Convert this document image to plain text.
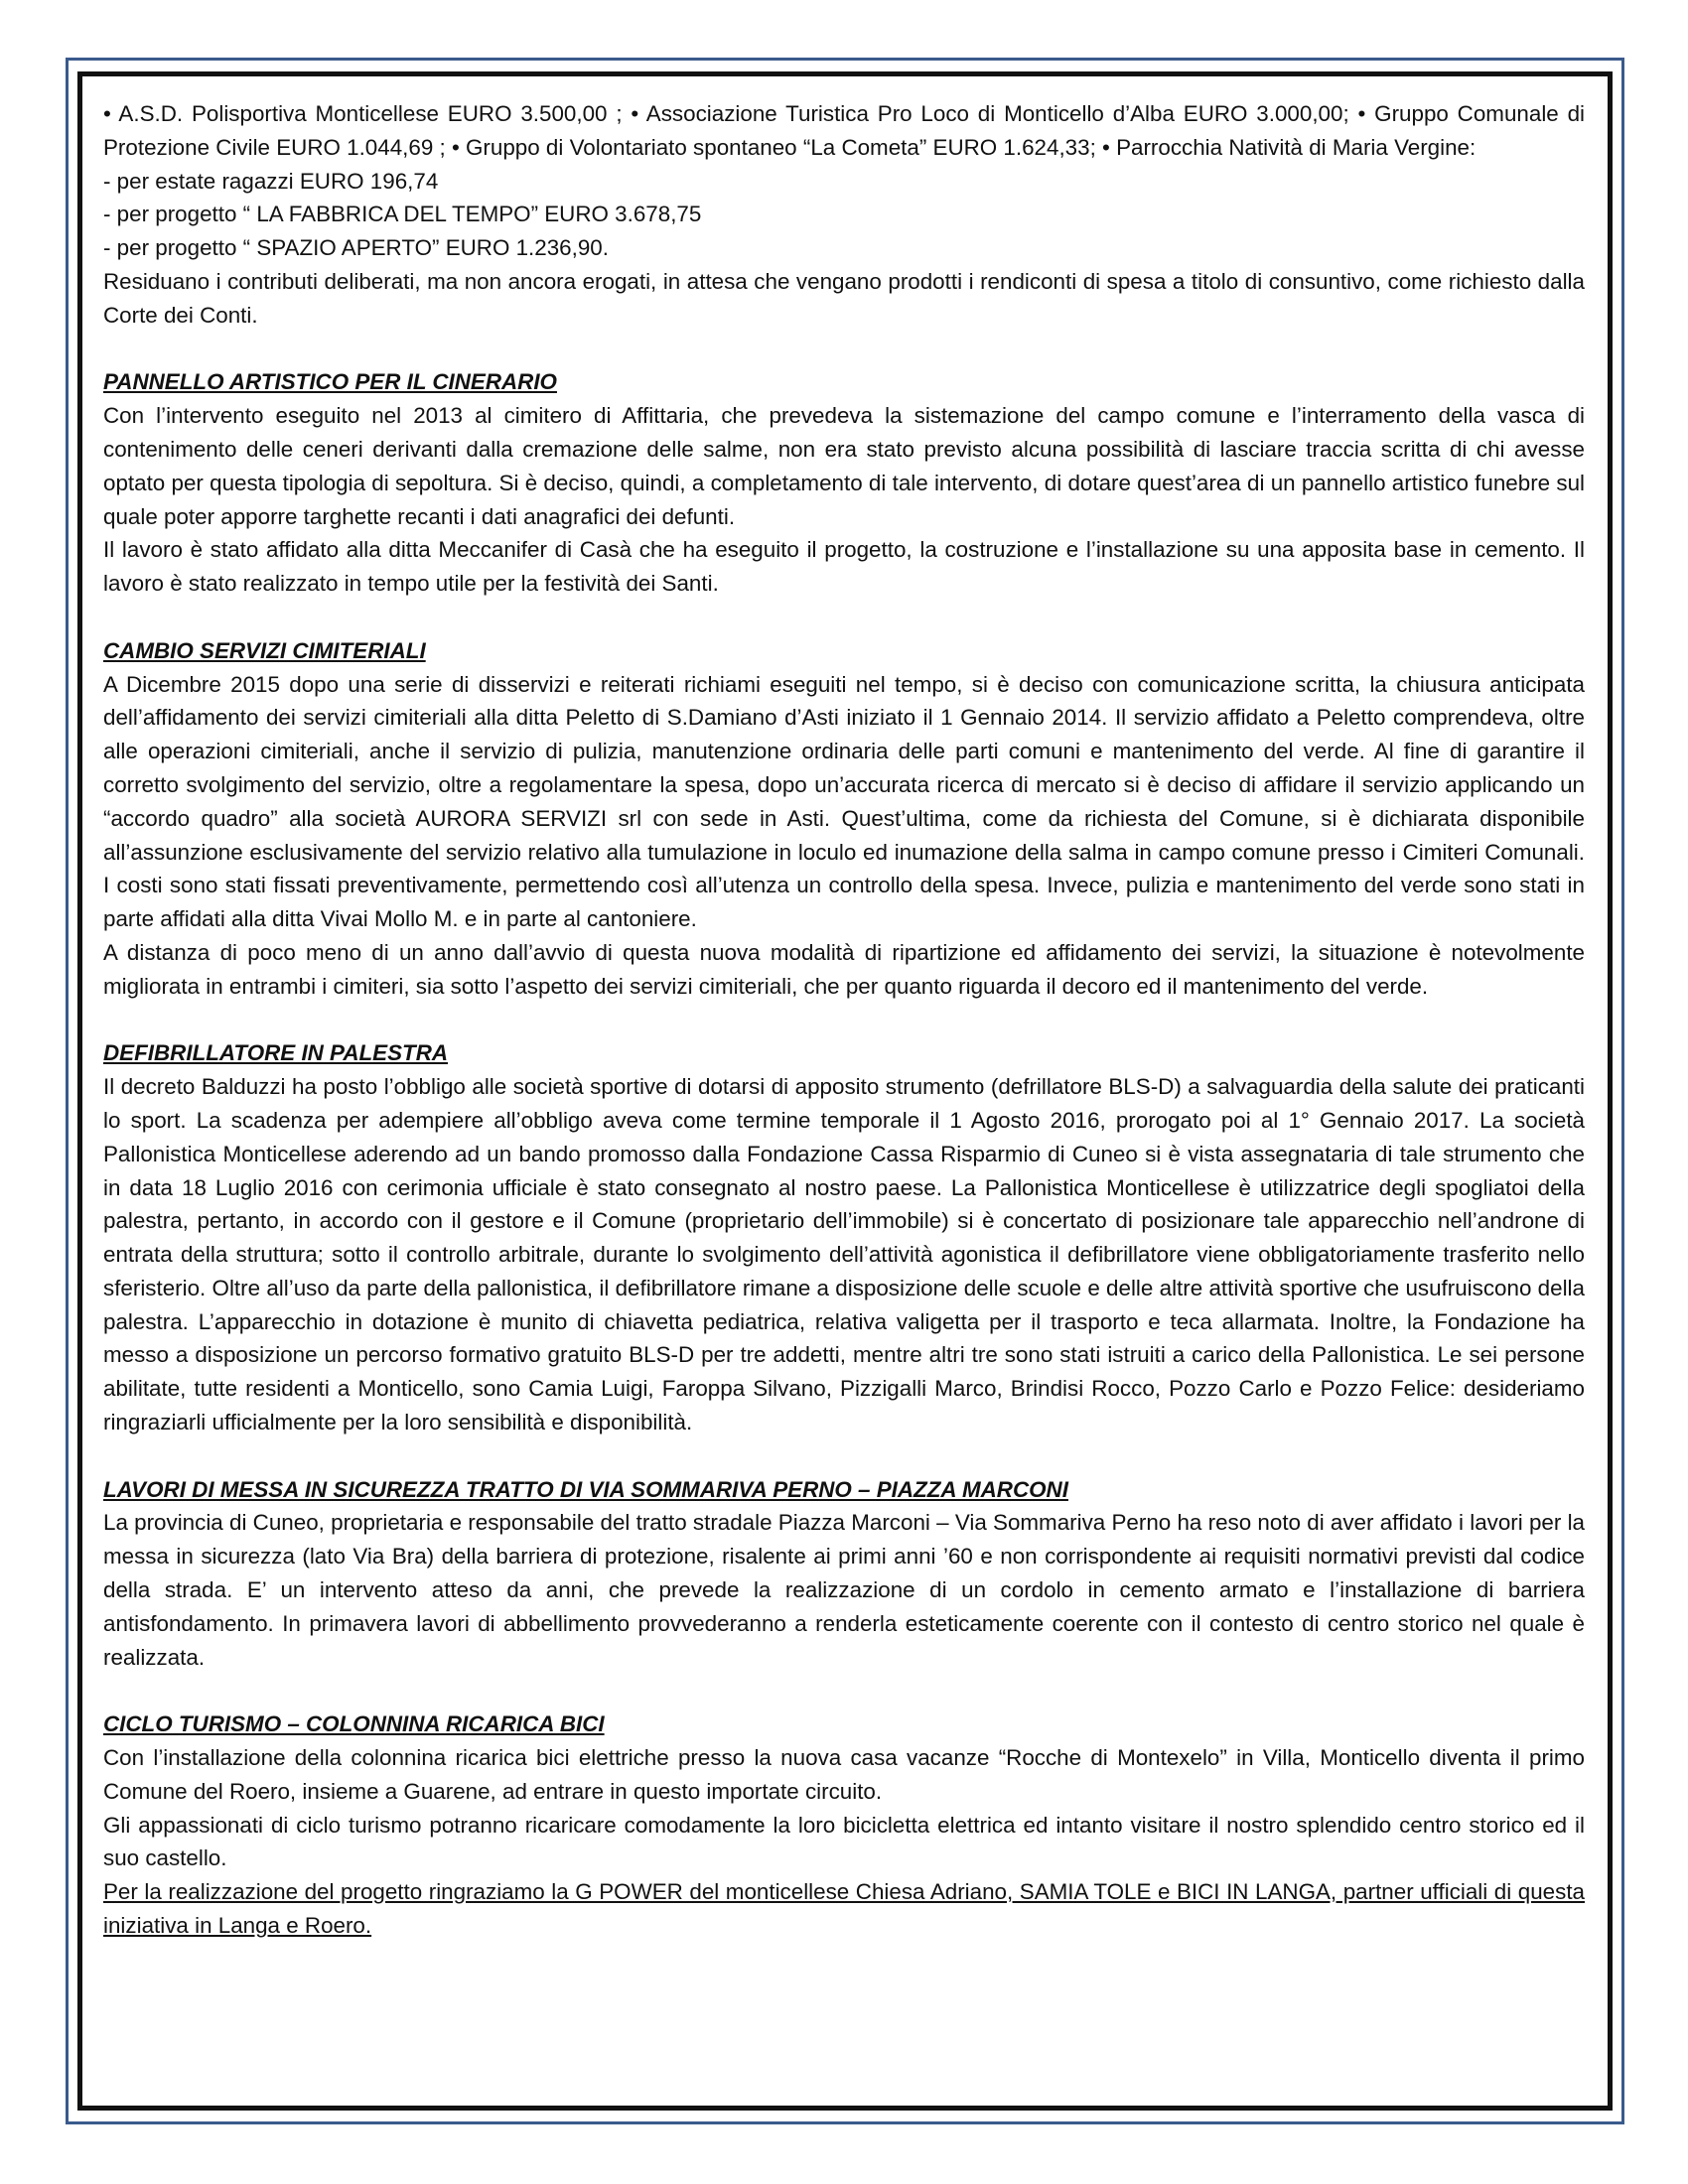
• A.S.D. Polisportiva Monticellese EURO 3.500,00 ; • Associazione Turistica Pro Loco di Monticello d’Alba EURO 3.000,00; • Gruppo Comunale di Protezione Civile EURO 1.044,69 ; • Gruppo di Volontariato spontaneo “La Cometa” EURO 1.624,33; • Parrocchia Natività di Maria Vergine:

- per estate ragazzi EURO 196,74

- per progetto “ LA FABBRICA DEL TEMPO” EURO 3.678,75

- per progetto “ SPAZIO APERTO” EURO 1.236,90.

Residuano i contributi deliberati, ma non ancora erogati, in attesa che vengano prodotti i rendiconti di spesa a titolo di consuntivo, come richiesto dalla Corte dei Conti.

PANNELLO ARTISTICO PER IL CINERARIO

Con l’intervento eseguito nel 2013 al cimitero di Affittaria, che prevedeva la sistemazione del campo comune e l’interramento della vasca di contenimento delle ceneri derivanti dalla cremazione delle salme, non era stato previsto alcuna possibilità di lasciare traccia scritta di chi avesse optato per questa tipologia di sepoltura. Si è deciso, quindi, a completamento di tale intervento, di dotare quest’area di un pannello artistico funebre sul quale poter apporre targhette recanti i dati anagrafici dei defunti.

Il lavoro è stato affidato alla ditta Meccanifer di Casà che ha eseguito il progetto, la costruzione e l’installazione su una apposita base in cemento. Il lavoro è stato realizzato in tempo utile per la festività dei Santi.

CAMBIO SERVIZI CIMITERIALI

A Dicembre 2015 dopo una serie di disservizi e reiterati richiami eseguiti nel tempo, si è deciso con comunicazione scritta, la chiusura anticipata dell’affidamento dei servizi cimiteriali alla ditta Peletto di S.Damiano d’Asti iniziato il 1 Gennaio 2014. Il servizio affidato a Peletto comprendeva, oltre alle operazioni cimiteriali, anche il servizio di pulizia, manutenzione ordinaria delle parti comuni e mantenimento del verde. Al fine di garantire il corretto svolgimento del servizio, oltre a regolamentare la spesa, dopo un’accurata ricerca di mercato si è deciso di affidare il servizio applicando un “accordo quadro” alla società AURORA SERVIZI srl con sede in Asti. Quest’ultima, come da richiesta del Comune, si è dichiarata disponibile all’assunzione esclusivamente del servizio relativo alla tumulazione in loculo ed inumazione della salma in campo comune presso i Cimiteri Comunali. I costi sono stati fissati preventivamente, permettendo così all’utenza un controllo della spesa. Invece, pulizia e mantenimento del verde sono stati in parte affidati alla ditta Vivai Mollo M. e in parte al cantoniere.

A distanza di poco meno di un anno dall’avvio di questa nuova modalità di ripartizione ed affidamento dei servizi, la situazione è notevolmente migliorata in entrambi i cimiteri, sia sotto l’aspetto dei servizi cimiteriali, che per quanto riguarda il decoro ed il mantenimento del verde.

DEFIBRILLATORE IN PALESTRA

Il decreto Balduzzi ha posto l’obbligo alle società sportive di dotarsi di apposito strumento (defrillatore BLS-D) a salvaguardia della salute dei praticanti lo sport. La scadenza per adempiere all’obbligo aveva come termine temporale il 1 Agosto 2016, prorogato poi al 1° Gennaio 2017. La società Pallonistica Monticellese aderendo ad un bando promosso dalla Fondazione Cassa Risparmio di Cuneo si è vista assegnataria di tale strumento che in data 18 Luglio 2016 con cerimonia ufficiale è stato consegnato al nostro paese. La Pallonistica Monticellese è utilizzatrice degli spogliatoi della palestra, pertanto, in accordo con il gestore e il Comune (proprietario dell’immobile) si è concertato di posizionare tale apparecchio nell’androne di entrata della struttura; sotto il controllo arbitrale, durante lo svolgimento dell’attività agonistica il defibrillatore viene obbligatoriamente trasferito nello sferisterio. Oltre all’uso da parte della pallonistica, il defibrillatore rimane a disposizione delle scuole e delle altre attività sportive che usufruiscono della palestra. L’apparecchio in dotazione è munito di chiavetta pediatrica, relativa valigetta per il trasporto e teca allarmata. Inoltre, la Fondazione ha messo a disposizione un percorso formativo gratuito BLS-D per tre addetti, mentre altri tre sono stati istruiti a carico della Pallonistica. Le sei persone abilitate, tutte residenti a Monticello, sono Camia Luigi, Faroppa Silvano, Pizzigalli Marco, Brindisi Rocco, Pozzo Carlo e Pozzo Felice: desideriamo ringraziarli ufficialmente per la loro sensibilità e disponibilità.

LAVORI DI MESSA IN SICUREZZA TRATTO DI VIA SOMMARIVA PERNO – PIAZZA MARCONI

La provincia di Cuneo, proprietaria e responsabile del tratto stradale Piazza Marconi – Via Sommariva Perno ha reso noto di aver affidato i lavori per la messa in sicurezza (lato Via Bra) della barriera di protezione, risalente ai primi anni ’60 e non corrispondente ai requisiti normativi previsti dal codice della strada. E’ un intervento atteso da anni, che prevede la realizzazione di un cordolo in cemento armato e l’installazione di barriera antisfondamento. In primavera lavori di abbellimento provvederanno a renderla esteticamente coerente con il contesto di centro storico nel quale è realizzata.

CICLO TURISMO – COLONNINA RICARICA BICI

Con l’installazione della colonnina ricarica bici elettriche presso la nuova casa vacanze “Rocche di Montexelo” in Villa, Monticello diventa il primo Comune del Roero, insieme a Guarene, ad entrare in questo importate circuito.

Gli appassionati di ciclo turismo potranno ricaricare comodamente la loro bicicletta elettrica ed intanto visitare il nostro splendido centro storico ed il suo castello.

Per la realizzazione del progetto ringraziamo la G POWER del monticellese Chiesa Adriano, SAMIA TOLE e BICI IN LANGA, partner ufficiali di questa iniziativa in Langa e Roero.
